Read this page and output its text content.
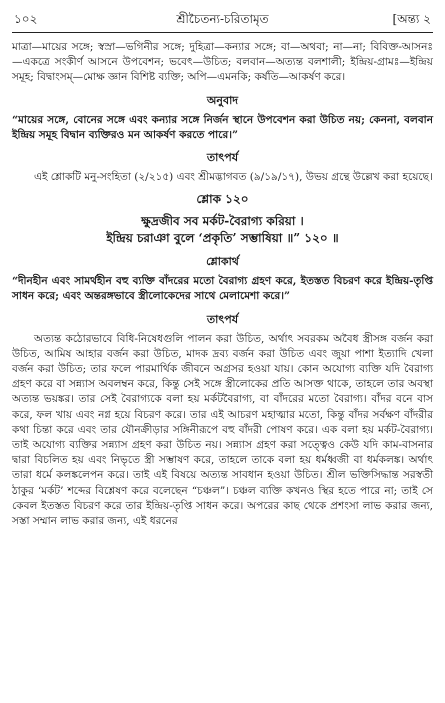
১০২	শ্রীচৈতন্য-চরিতামৃত	[অন্ত্য ২

মাত্রা—মায়ের সঙ্গে; স্বস্রা—ভগিনীর সঙ্গে; দুহিত্রা—কন্যার সঙ্গে; বা—অথবা; না—না; বিবিক্ত-আসনঃ—একত্রে সংকীর্ণ আসনে উপবেশন; ভবেৎ—উচিত; বলবান—অত্যন্ত বলশালী; ইন্দ্রিয়-গ্রামঃ—ইন্দ্রিয় সমূহ; বিদ্বাংসম্—মোক্ষ জ্ঞান বিশিষ্ট ব্যক্তি; অপি—এমনকি; কর্ষতি—আকর্ষণ করে।

অনুবাদ

“মায়ের সঙ্গে, বোনের সঙ্গে এবং কন্যার সঙ্গে নির্জন স্থানে উপবেশন করা উচিত নয়; কেননা, বলবান ইন্দ্রিয় সমূহ বিদ্বান ব্যক্তিরও মন আকর্ষণ করতে পারে।”

তাৎপর্য

এই শ্লোকটি মনু-সংহিতা (২/২১৫) এবং শ্রীমদ্ভাগবত (৯/১৯/১৭), উভয় গ্রন্থে উল্লেখ করা হয়েছে।

শ্লোক ১২০
ক্ষুদ্রজীব সব মর্কট-বৈরাগ্য করিয়া ।
ইন্দ্রিয় চরাঞা বুলে ‘প্রকৃতি’ সম্ভাষিয়া ॥” ১২০ ॥
শ্লোকার্থ

“দীনহীন এবং সামর্থহীন বহু ব্যক্তি বাঁদরের মতো বৈরাগ্য গ্রহণ করে, ইতস্তত বিচরণ করে ইন্দ্রিয়-তৃপ্তি সাধন করে; এবং অন্তরঙ্গভাবে স্ত্রীলোকেদের সাথে মেলামেশা করে।”

তাৎপর্য

অত্যন্ত কঠোরভাবে বিধি-নিষেধগুলি পালন করা উচিত, অর্থাৎ সবরকম অবৈধ স্ত্রীসঙ্গ বর্জন করা উচিত, আমিষ আহার বর্জন করা উচিত, মাদক দ্রব্য বর্জন করা উচিত এবং জুয়া পাশা ইত্যাদি খেলা বর্জন করা উচিত; তার ফলে পারমার্থিক জীবনে অগ্রসর হওয়া যায়। কোন অযোগ্য ব্যক্তি যদি বৈরাগ্য গ্রহণ করে বা সন্ন্যাস অবলম্বন করে, কিন্তু সেই সঙ্গে স্ত্রীলোকের প্রতি আসক্ত থাকে, তাহলে তার অবস্থা অত্যন্ত ভয়ঙ্কর। তার সেই বৈরাগ্যকে বলা হয় মর্কটবৈরাগ্য, বা বাঁদরের মতো বৈরাগ্য। বাঁদর বনে বাস করে, ফল খায় এবং নগ্ন হয়ে বিচরণ করে। তার এই আচরণ মহাত্মার মতো, কিন্তু বাঁদর সর্বক্ষণ বাঁদরীর কথা চিন্তা করে এবং তার যৌনক্রীড়ার সঙ্গিনীরূপে বহু বাঁদরী পোষণ করে। এক বলা হয় মর্কট-বৈরাগ্য। তাই অযোগ্য ব্যক্তির সন্ন্যাস গ্রহণ করা উচিত নয়। সন্ন্যাস গ্রহণ করা সত্ত্বেও কেউ যদি কাম-বাসনার দ্বারা বিচলিত হয় এবং নিভৃতে স্ত্রী সম্ভাষণ করে, তাহলে তাকে বলা হয় ধর্মধ্বজী বা ধর্মকলঙ্ক। অর্থাৎ তারা ধর্মে কলঙ্কলেপন করে। তাই এই বিষয়ে অত্যন্ত সাবধান হওয়া উচিত। শ্রীল ভক্তিসিদ্ধান্ত সরস্বতী ঠাকুর ‘মর্কট’ শব্দের বিশ্লেষণ করে বলেছেন “চঞ্চল”। চঞ্চল ব্যক্তি কখনও স্থির হতে পারে না; তাই সে কেবল ইতস্তত বিচরণ করে তার ইন্দ্রিয়-তৃপ্তি সাধন করে। অপরের কাছ থেকে প্রশংসা লাভ করার জন্য, সস্তা সম্মান লাভ করার জন্য, এই ধরনের
